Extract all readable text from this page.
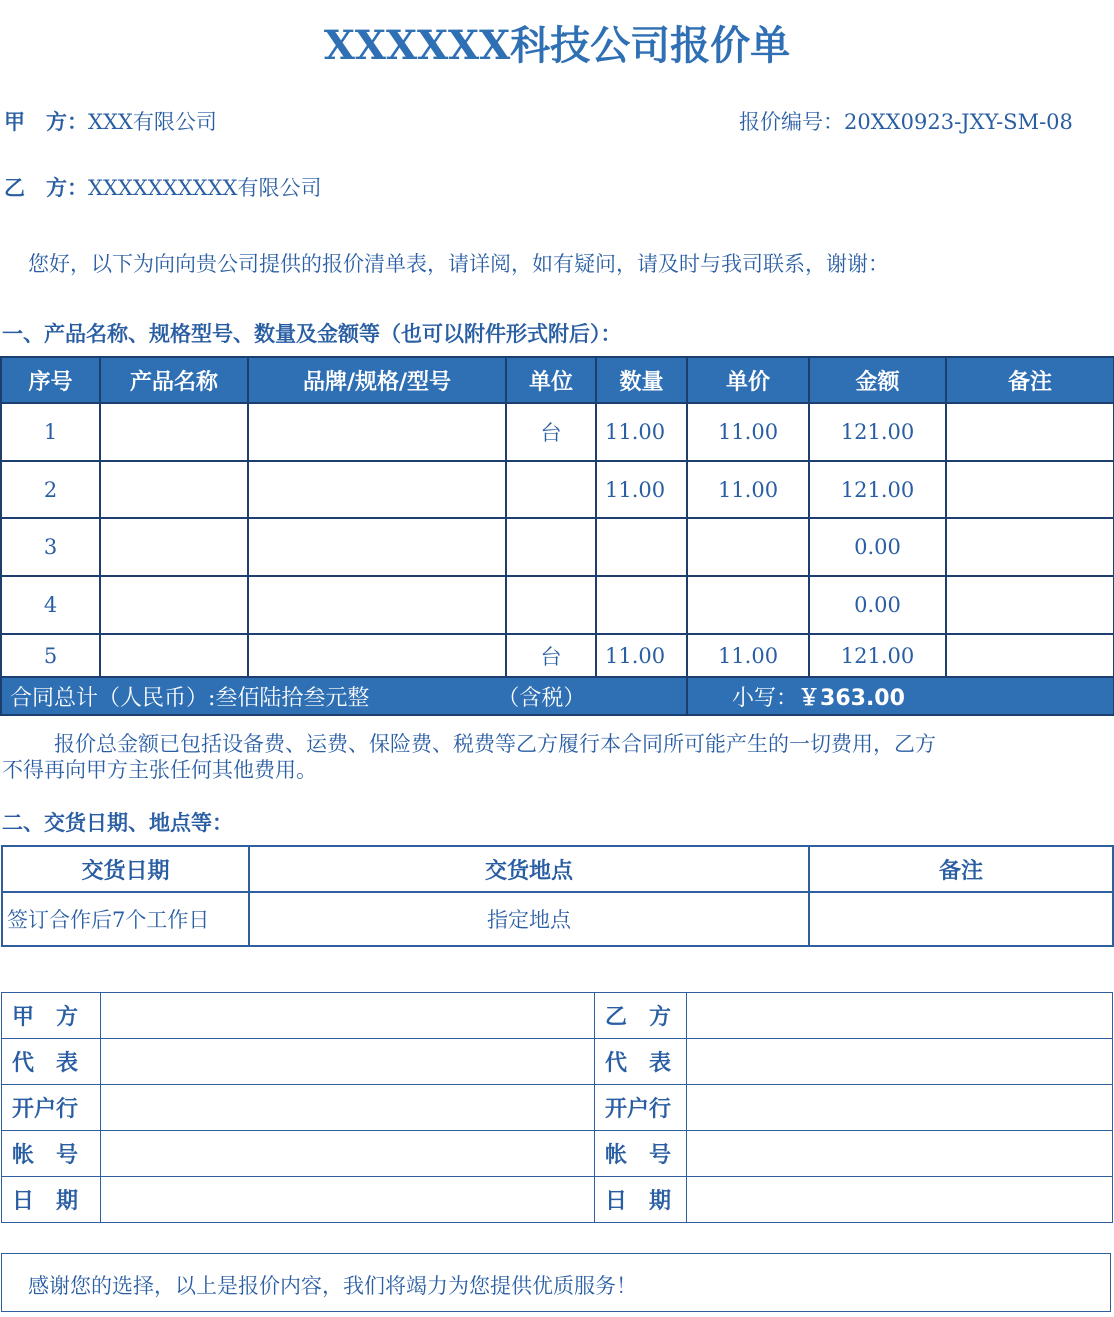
XXXXXX科技公司报价单
甲　方：XXX有限公司	报价编号：20XX0923-JXY-SM-08
乙　方：XXXXXXXXXX有限公司
您好，以下为向向贵公司提供的报价清单表，请详阅，如有疑问，请及时与我司联系，谢谢：
一、产品名称、规格型号、数量及金额等（也可以附件形式附后）：
序号	产品名称	品牌/规格/型号	单位	数量	单价	金额	备注
1			台	11.00	11.00	121.00	
2				11.00	11.00	121.00	
3						0.00	
4						0.00	
5			台	11.00	11.00	121.00	
合同总计（人民币）:叁佰陆拾叁元整 （含税）					小写：￥363.00		
报价总金额已包括设备费、运费、保险费、税费等乙方履行本合同所可能产生的一切费用，乙方
不得再向甲方主张任何其他费用。
二、交货日期、地点等：
交货日期	交货地点	备注
签订合作后7个工作日	指定地点	
甲　方		乙　方	
代　表		代　表	
开户行		开户行	
帐　号		帐　号	
日　期		日　期	
感谢您的选择，以上是报价内容，我们将竭力为您提供优质服务！
